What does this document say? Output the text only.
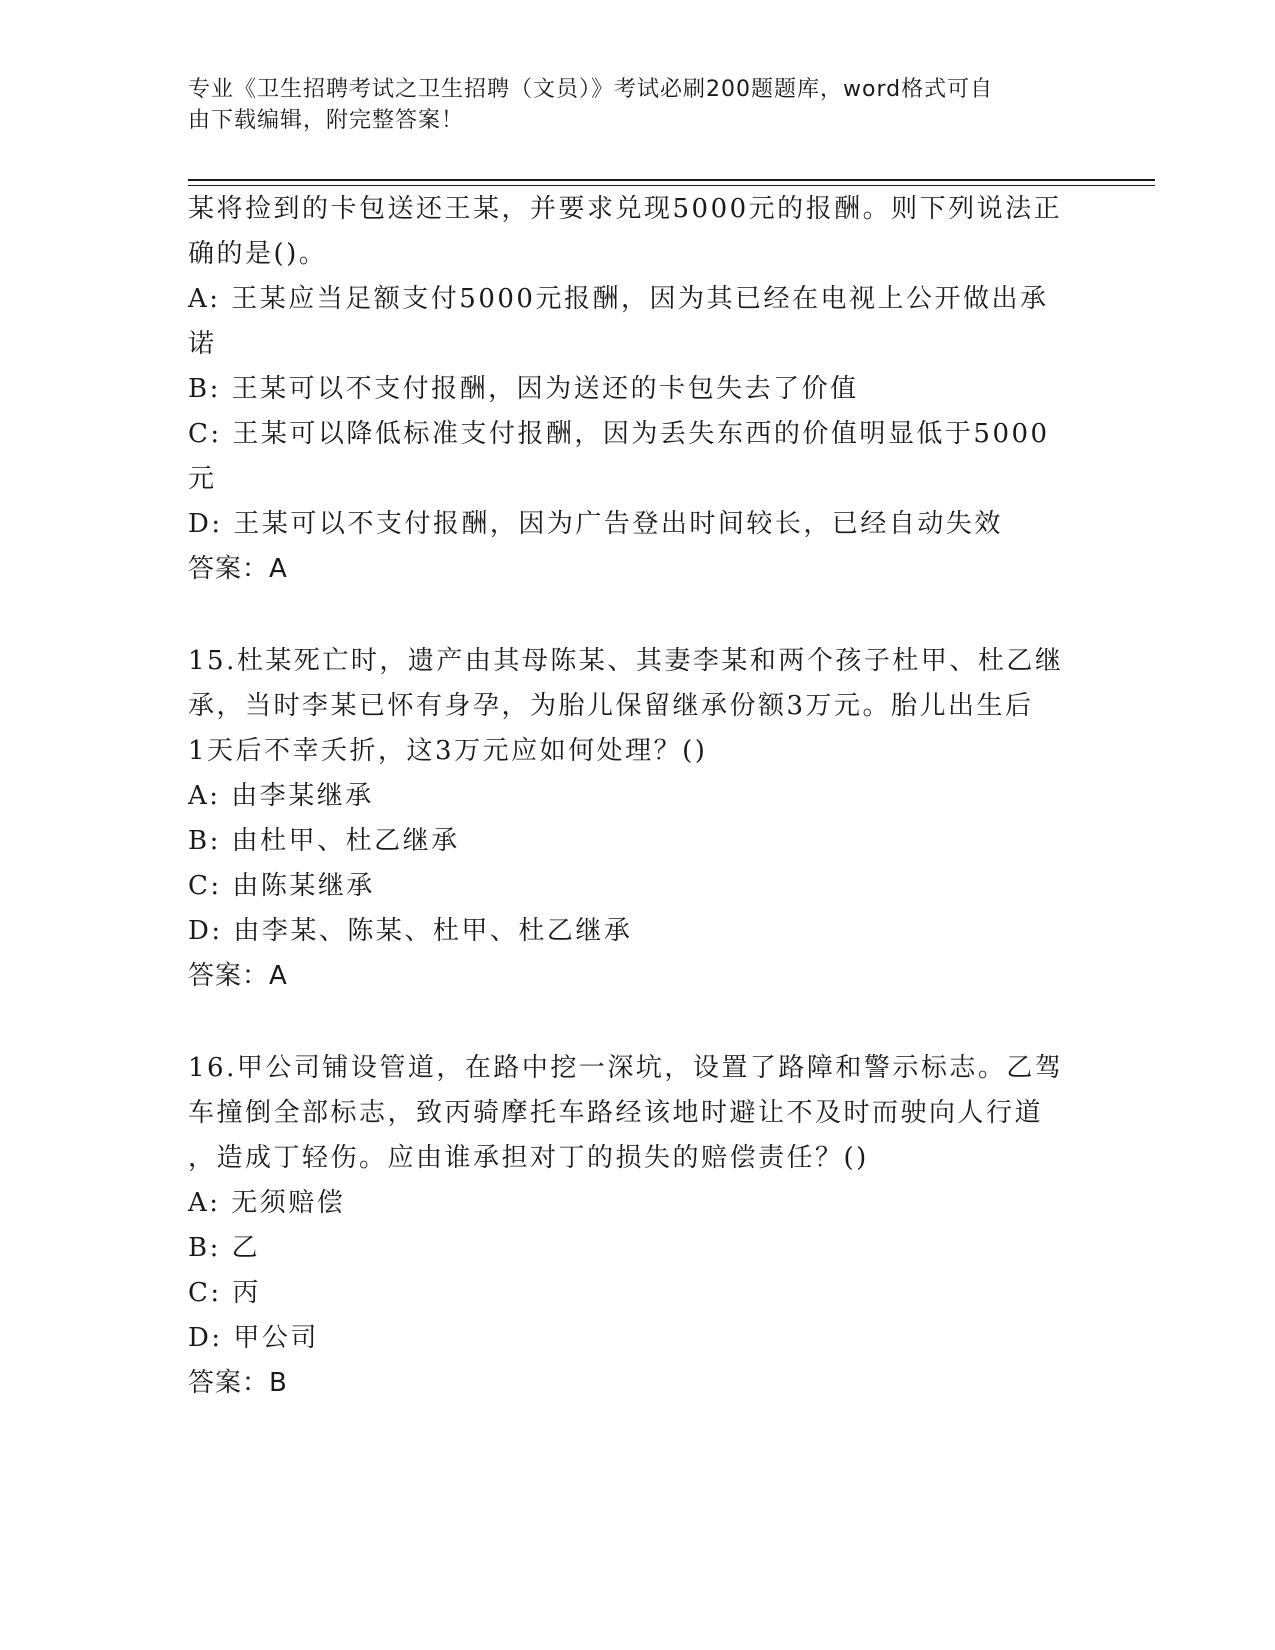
专业《卫生招聘考试之卫生招聘（文员）》考试必刷200题题库，word格式可自
由下载编辑，附完整答案！
某将捡到的卡包送还王某，并要求兑现5000元的报酬。则下列说法正
确的是()。
A: 王某应当足额支付5000元报酬，因为其已经在电视上公开做出承
诺
B: 王某可以不支付报酬，因为送还的卡包失去了价值
C: 王某可以降低标准支付报酬，因为丢失东西的价值明显低于5000
元
D: 王某可以不支付报酬，因为广告登出时间较长，已经自动失效
答案：A
15.杜某死亡时，遗产由其母陈某、其妻李某和两个孩子杜甲、杜乙继
承，当时李某已怀有身孕，为胎儿保留继承份额3万元。胎儿出生后
1天后不幸夭折，这3万元应如何处理？()
A: 由李某继承
B: 由杜甲、杜乙继承
C: 由陈某继承
D: 由李某、陈某、杜甲、杜乙继承
答案：A
16.甲公司铺设管道，在路中挖一深坑，设置了路障和警示标志。乙驾
车撞倒全部标志，致丙骑摩托车路经该地时避让不及时而驶向人行道
，造成丁轻伤。应由谁承担对丁的损失的赔偿责任？()
A: 无须赔偿
B: 乙
C: 丙
D: 甲公司
答案：B
